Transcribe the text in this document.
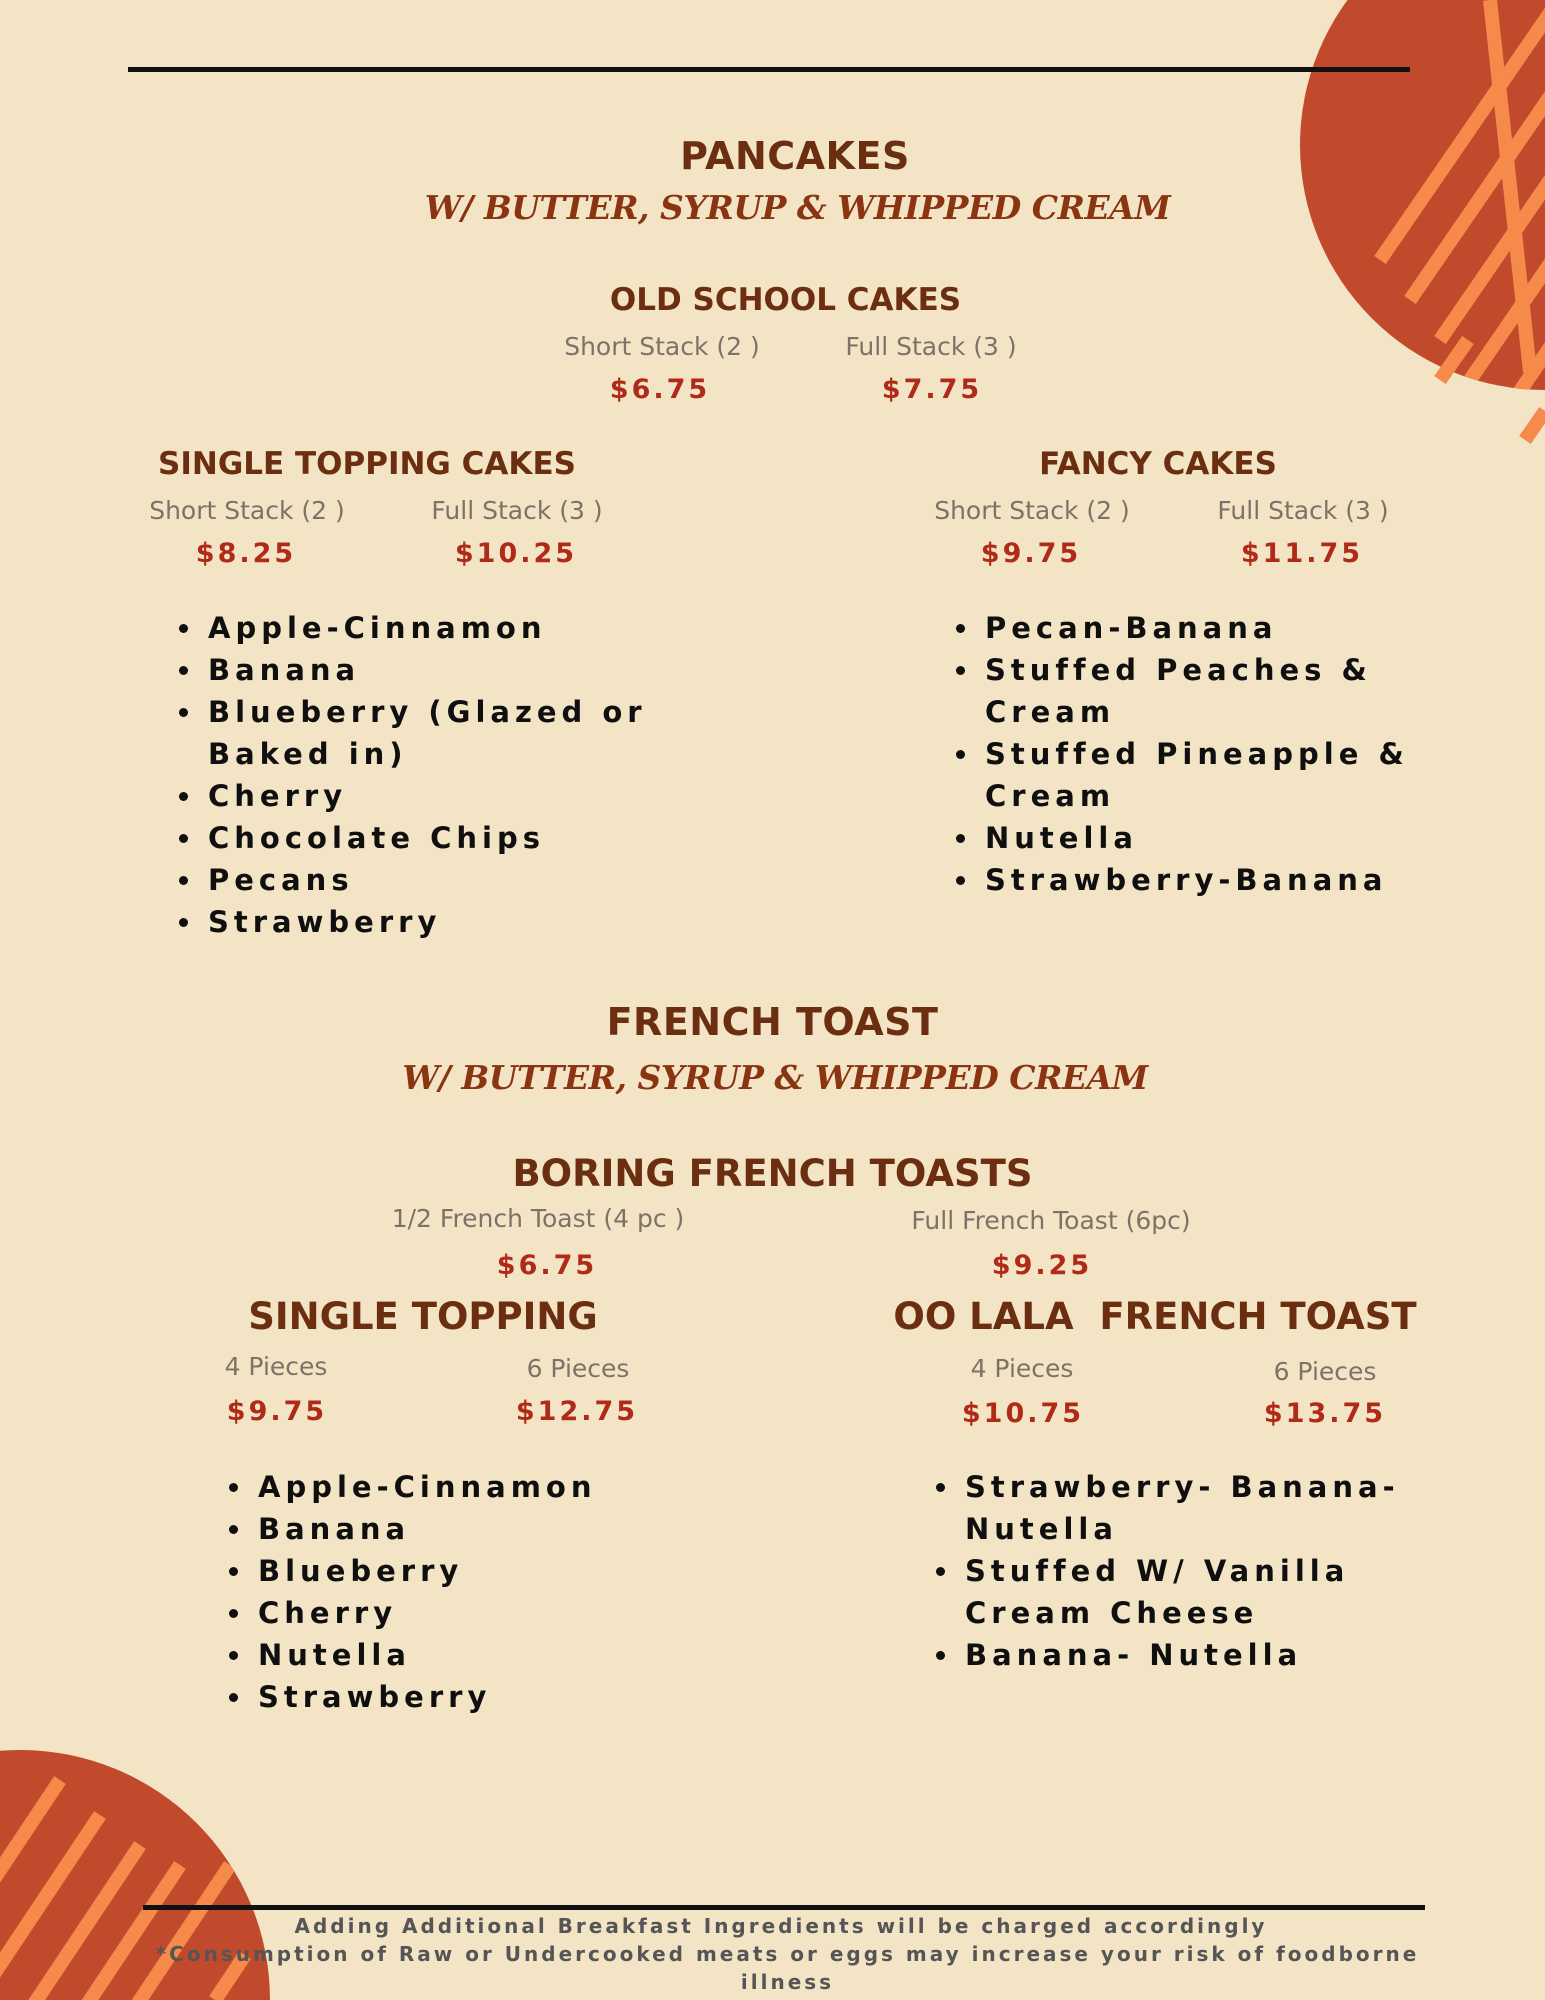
PANCAKES
W/ BUTTER, SYRUP & WHIPPED CREAM
OLD SCHOOL CAKES
Short Stack (2 )	Full Stack (3 )
$6.75	$7.75
SINGLE TOPPING CAKES
Short Stack (2 )	Full Stack (3 )
$8.25	$10.25
• Apple-Cinnamon
• Banana
• Blueberry (Glazed or Baked in)
• Cherry
• Chocolate Chips
• Pecans
• Strawberry
FANCY CAKES
Short Stack (2 )	Full Stack (3 )
$9.75	$11.75
• Pecan-Banana
• Stuffed Peaches & Cream
• Stuffed Pineapple & Cream
• Nutella
• Strawberry-Banana
FRENCH TOAST
W/ BUTTER, SYRUP & WHIPPED CREAM
BORING FRENCH TOASTS
1/2 French Toast (4 pc )	Full French Toast (6pc)
$6.75	$9.25
SINGLE TOPPING
4 Pieces	6 Pieces
$9.75	$12.75
• Apple-Cinnamon
• Banana
• Blueberry
• Cherry
• Nutella
• Strawberry
OO LALA  FRENCH TOAST
4 Pieces	6 Pieces
$10.75	$13.75
• Strawberry- Banana- Nutella
• Stuffed W/ Vanilla Cream Cheese
• Banana- Nutella
Adding Additional Breakfast Ingredients will be charged accordingly
*Consumption of Raw or Undercooked meats or eggs may increase your risk of foodborne
illness
